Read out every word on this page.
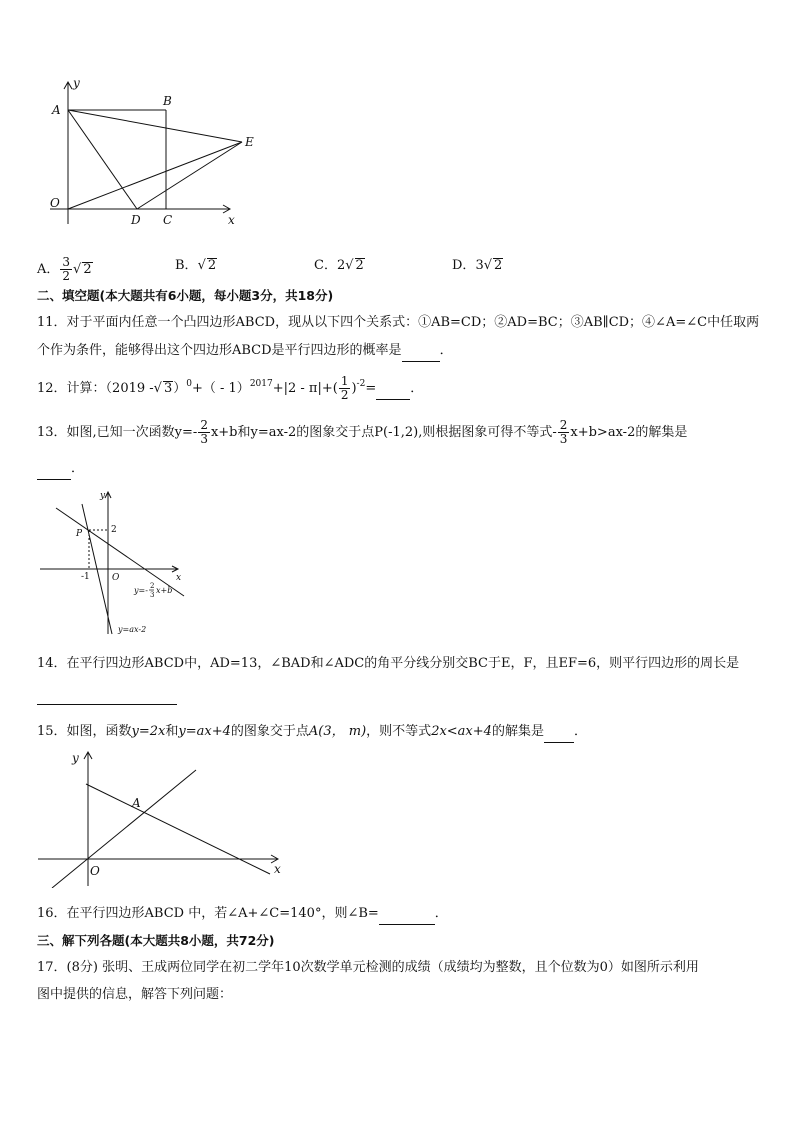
y
x
A
B
E
O
D C
A． $\frac{3}{2}$ √ 2	B．√ 2	C．2√ 2	D．3√ 2
二、填空题(本大题共有6小题，每小题3分，共18分)
11．对于平面内任意一个凸四边形ABCD，现从以下四个关系式：①AB=CD；②AD=BC；③AB∥CD；④∠A=∠C中任取两
个作为条件，能够得出这个四边形ABCD是平行四边形的概率是	．
12．计算：（2019 -√ $3)^0+( - 1)^{2017}+|2 - \pi|+( \frac{1}{2} )^{-2}=$	．
13．如图,已知一次函数$y=- \frac{2}{3} x+b$和y=ax-2的图象交于点P(-1,2),则根据图象可得不等式- $\frac{2}{3} x+b>ax-2$的解集是
．
y
x
P	2
-1 O
y=- 2
3 x+b
y=ax-2
14．在平行四边形ABCD中，AD=13，∠BAD和∠ADC的角平分线分别交BC于E，F，且EF=6，则平行四边形的周长是

15．如图，函数y=2x和y=ax+4的图象交于点A(3， m)，则不等式2x<ax+4的解集是 ．
y
x
A
O
16．在平行四边形ABCD 中，若∠A+∠C=140°，则∠B=	．
三、解下列各题(本大题共8小题，共72分)
17．(8分) 张明、王成两位同学在初二学年10次数学单元检测的成绩（成绩均为整数，且个位数为0）如图所示利用
图中提供的信息，解答下列问题：
